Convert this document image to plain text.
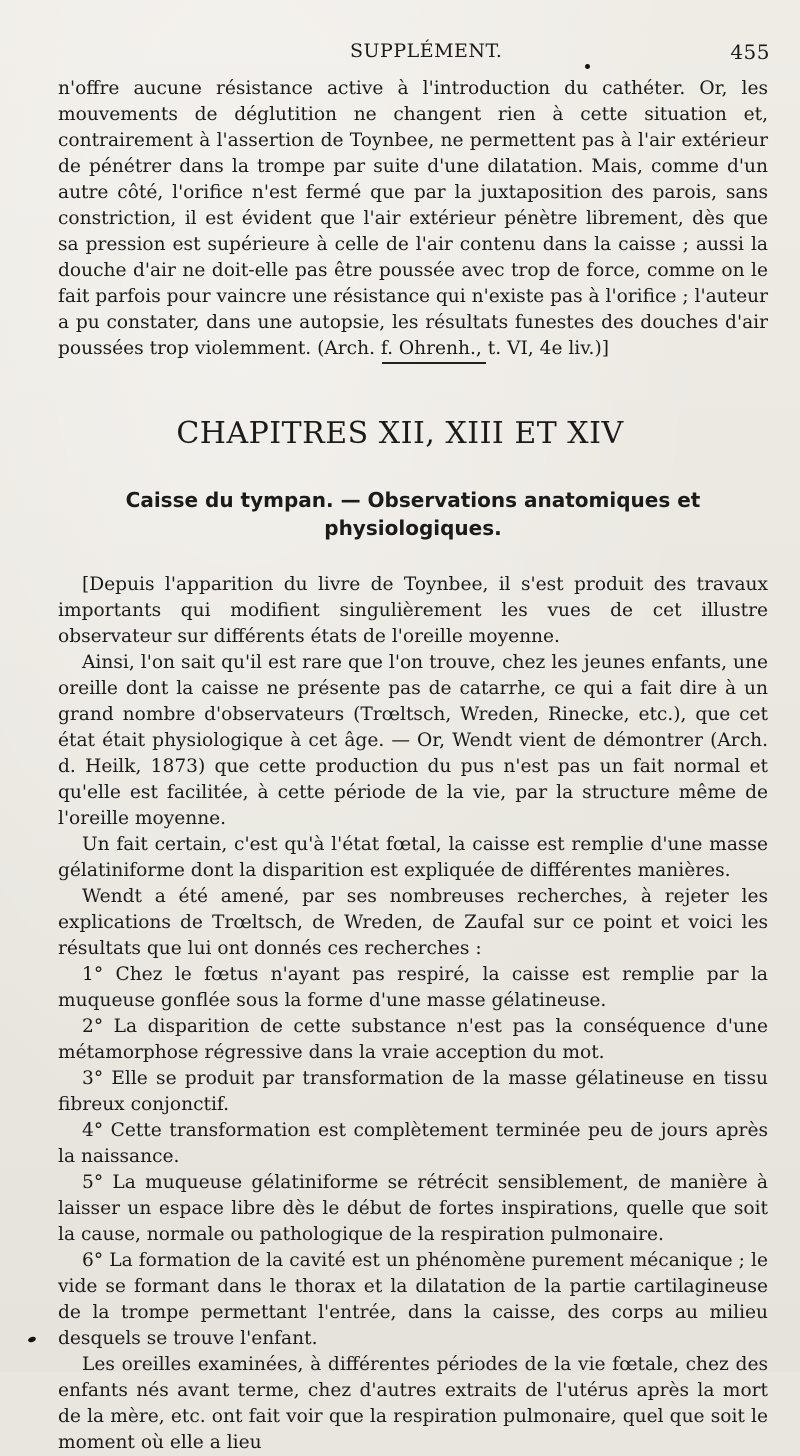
SUPPLÉMENT.	455

n'offre aucune résistance active à l'introduction du cathéter. Or, les mouvements de déglutition ne changent rien à cette situation et, contrairement à l'assertion de Toynbee, ne permettent pas à l'air extérieur de pénétrer dans la trompe par suite d'une dilatation. Mais, comme d'un autre côté, l'orifice n'est fermé que par la juxtaposition des parois, sans constriction, il est évident que l'air extérieur pénètre librement, dès que sa pression est supérieure à celle de l'air contenu dans la caisse ; aussi la douche d'air ne doit-elle pas être poussée avec trop de force, comme on le fait parfois pour vaincre une résistance qui n'existe pas à l'orifice ; l'auteur a pu constater, dans une autopsie, les résultats funestes des douches d'air poussées trop violemment. (Arch. f. Ohrenh., t. VI, 4e liv.)]

CHAPITRES XII, XIII ET XIV
Caisse du tympan. — Observations anatomiques et physiologiques.

[Depuis l'apparition du livre de Toynbee, il s'est produit des travaux importants qui modifient singulièrement les vues de cet illustre observateur sur différents états de l'oreille moyenne.

Ainsi, l'on sait qu'il est rare que l'on trouve, chez les jeunes enfants, une oreille dont la caisse ne présente pas de catarrhe, ce qui a fait dire à un grand nombre d'observateurs (Trœltsch, Wreden, Rinecke, etc.), que cet état était physiologique à cet âge. — Or, Wendt vient de démontrer (Arch. d. Heilk, 1873) que cette production du pus n'est pas un fait normal et qu'elle est facilitée, à cette période de la vie, par la structure même de l'oreille moyenne.

Un fait certain, c'est qu'à l'état fœtal, la caisse est remplie d'une masse gélatiniforme dont la disparition est expliquée de différentes manières.

Wendt a été amené, par ses nombreuses recherches, à rejeter les explications de Trœltsch, de Wreden, de Zaufal sur ce point et voici les résultats que lui ont donnés ces recherches :

1° Chez le fœtus n'ayant pas respiré, la caisse est remplie par la muqueuse gonflée sous la forme d'une masse gélatineuse.

2° La disparition de cette substance n'est pas la conséquence d'une métamorphose régressive dans la vraie acception du mot.

3° Elle se produit par transformation de la masse gélatineuse en tissu fibreux conjonctif.

4° Cette transformation est complètement terminée peu de jours après la naissance.

5° La muqueuse gélatiniforme se rétrécit sensiblement, de manière à laisser un espace libre dès le début de fortes inspirations, quelle que soit la cause, normale ou pathologique de la respiration pulmonaire.

6° La formation de la cavité est un phénomène purement mécanique ; le vide se formant dans le thorax et la dilatation de la partie cartilagineuse de la trompe permettant l'entrée, dans la caisse, des corps au milieu desquels se trouve l'enfant.

Les oreilles examinées, à différentes périodes de la vie fœtale, chez des enfants nés avant terme, chez d'autres extraits de l'utérus après la mort de la mère, etc. ont fait voir que la respiration pulmonaire, quel que soit le moment où elle a lieu
